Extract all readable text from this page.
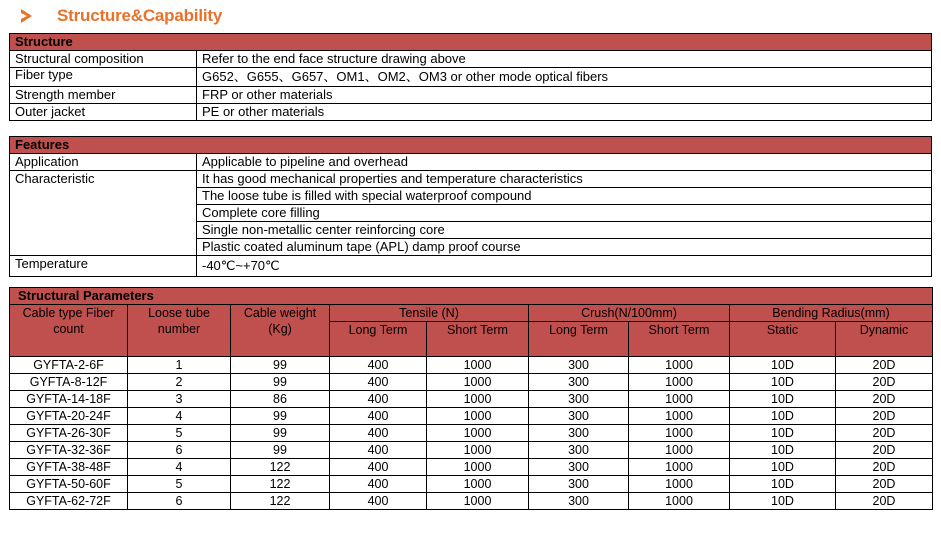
Structure&Capability
Structure	
Structural composition	Refer to the end face structure drawing above
Fiber type	G652、G655、G657、OM1、OM2、OM3 or other mode optical fibers
Strength member	FRP or other materials
Outer jacket	PE or other materials
Features	
Application	Applicable to pipeline and overhead
Characteristic	It has good mechanical properties and temperature characteristics
	The loose tube is filled with special waterproof compound
	Complete core filling
	Single non-metallic center reinforcing core
	Plastic coated aluminum tape (APL) damp proof course
Temperature	-40℃~+70℃
Structural Parameters								
Cable type Fiber count	Loose tube number	Cable weight (Kg)	Tensile (N)		Crush(N/100mm)		Bending Radius(mm)	
			Long Term	Short Term	Long Term	Short Term	Static	Dynamic
GYFTA-2-6F	1	99	400	1000	300	1000	10D	20D
GYFTA-8-12F	2	99	400	1000	300	1000	10D	20D
GYFTA-14-18F	3	86	400	1000	300	1000	10D	20D
GYFTA-20-24F	4	99	400	1000	300	1000	10D	20D
GYFTA-26-30F	5	99	400	1000	300	1000	10D	20D
GYFTA-32-36F	6	99	400	1000	300	1000	10D	20D
GYFTA-38-48F	4	122	400	1000	300	1000	10D	20D
GYFTA-50-60F	5	122	400	1000	300	1000	10D	20D
GYFTA-62-72F	6	122	400	1000	300	1000	10D	20D
